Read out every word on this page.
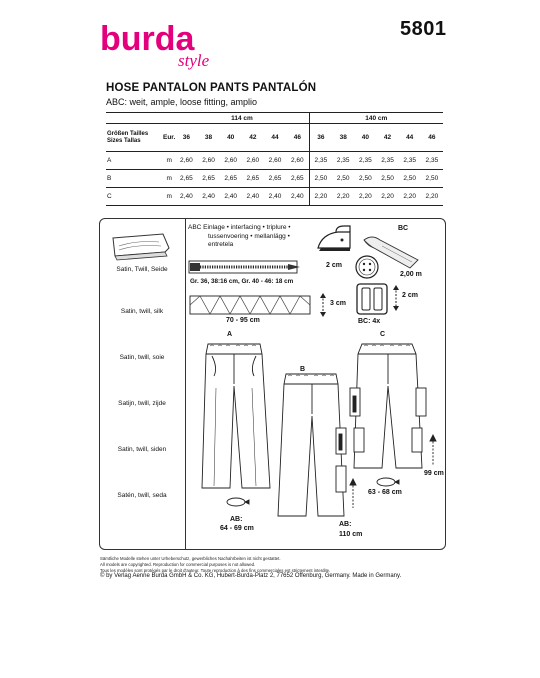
burda
style
5801
HOSE PANTALON PANTS PANTALÓN
ABC: weit, ample, loose fitting, amplio
		114 cm						140 cm					
Größen Tailles
Sizes Tallas	Eur.	36	38	40	42	44	46	36	38	40	42	44	46
A	m	2,60	2,60	2,60	2,60	2,60	2,60	2,35	2,35	2,35	2,35	2,35	2,35
B	m	2,65	2,65	2,65	2,65	2,65	2,65	2,50	2,50	2,50	2,50	2,50	2,50
C	m	2,40	2,40	2,40	2,40	2,40	2,40	2,20	2,20	2,20	2,20	2,20	2,20
Satin, Twill, Seide
Satin, twill, silk
Satin, twill, soie
Satijn, twill, zijde
Satin, twill, siden
Satén, twill, seda
ABC Einlage • interfacing • triplure •
tussenvoering • mellanlägg •
entretela
BC
2,00 m
Gr. 36, 38:16 cm, Gr. 40 - 46: 18 cm
2 cm
70 - 95 cm
3 cm
2 cm
BC: 4x
A
B
C
AB:
64 - 69 cm
AB:
110 cm
99 cm
63 - 68 cm
Sämtliche Modelle stehen unter Urheberschutz, gewerbliches Nachahrbeiten ist nicht gestattet.
All models are copyrighted. Reproduction for commercial purposes is not allowed.
Tous les modèles sont protégés par le droit d'auteur. Toute reproduction à des fins commerciales est strictement interdite.
© by Verlag Aenne Burda GmbH & Co. KG, Hubert-Burda-Platz 2, 77652 Offenburg, Germany. Made in Germany.
